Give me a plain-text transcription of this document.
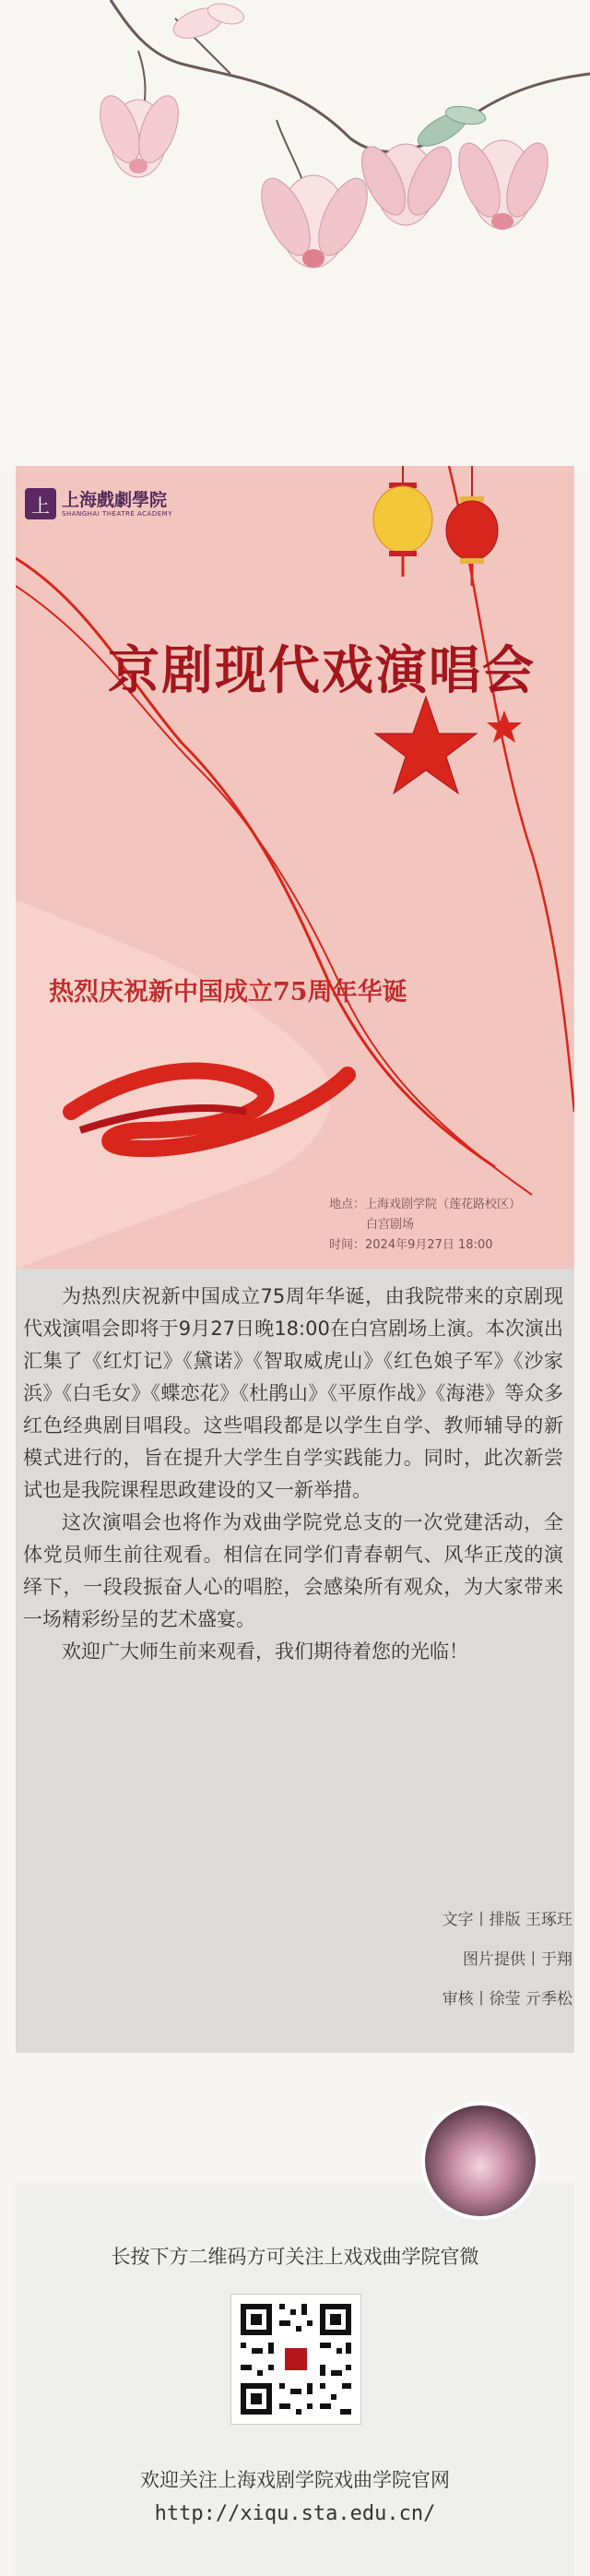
上 上海戲劇學院
SHANGHAI THEATRE ACADEMY
京剧现代戏演唱会
热烈庆祝新中国成立75周年华诞
地点：上海戏剧学院（莲花路校区）
白宫剧场
时间：2024年9月27日 18:00

为热烈庆祝新中国成立75周年华诞，由我院带来的京剧现代戏演唱会即将于9月27日晚18:00在白宫剧场上演。本次演出汇集了《红灯记》《黛诺》《智取威虎山》《红色娘子军》《沙家浜》《白毛女》《蝶恋花》《杜鹃山》《平原作战》《海港》等众多红色经典剧目唱段。这些唱段都是以学生自学、教师辅导的新模式进行的，旨在提升大学生自学实践能力。同时，此次新尝试也是我院课程思政建设的又一新举措。

这次演唱会也将作为戏曲学院党总支的一次党建活动，全体党员师生前往观看。相信在同学们青春朝气、风华正茂的演绎下，一段段振奋人心的唱腔，会感染所有观众，为大家带来一场精彩纷呈的艺术盛宴。

欢迎广大师生前来观看，我们期待着您的光临！

文字丨排版 王琢玨
图片提供丨于翔
审核丨徐莹 亓季松
长按下方二维码方可关注上戏戏曲学院官微
欢迎关注上海戏剧学院戏曲学院官网
http://xiqu.sta.edu.cn/
